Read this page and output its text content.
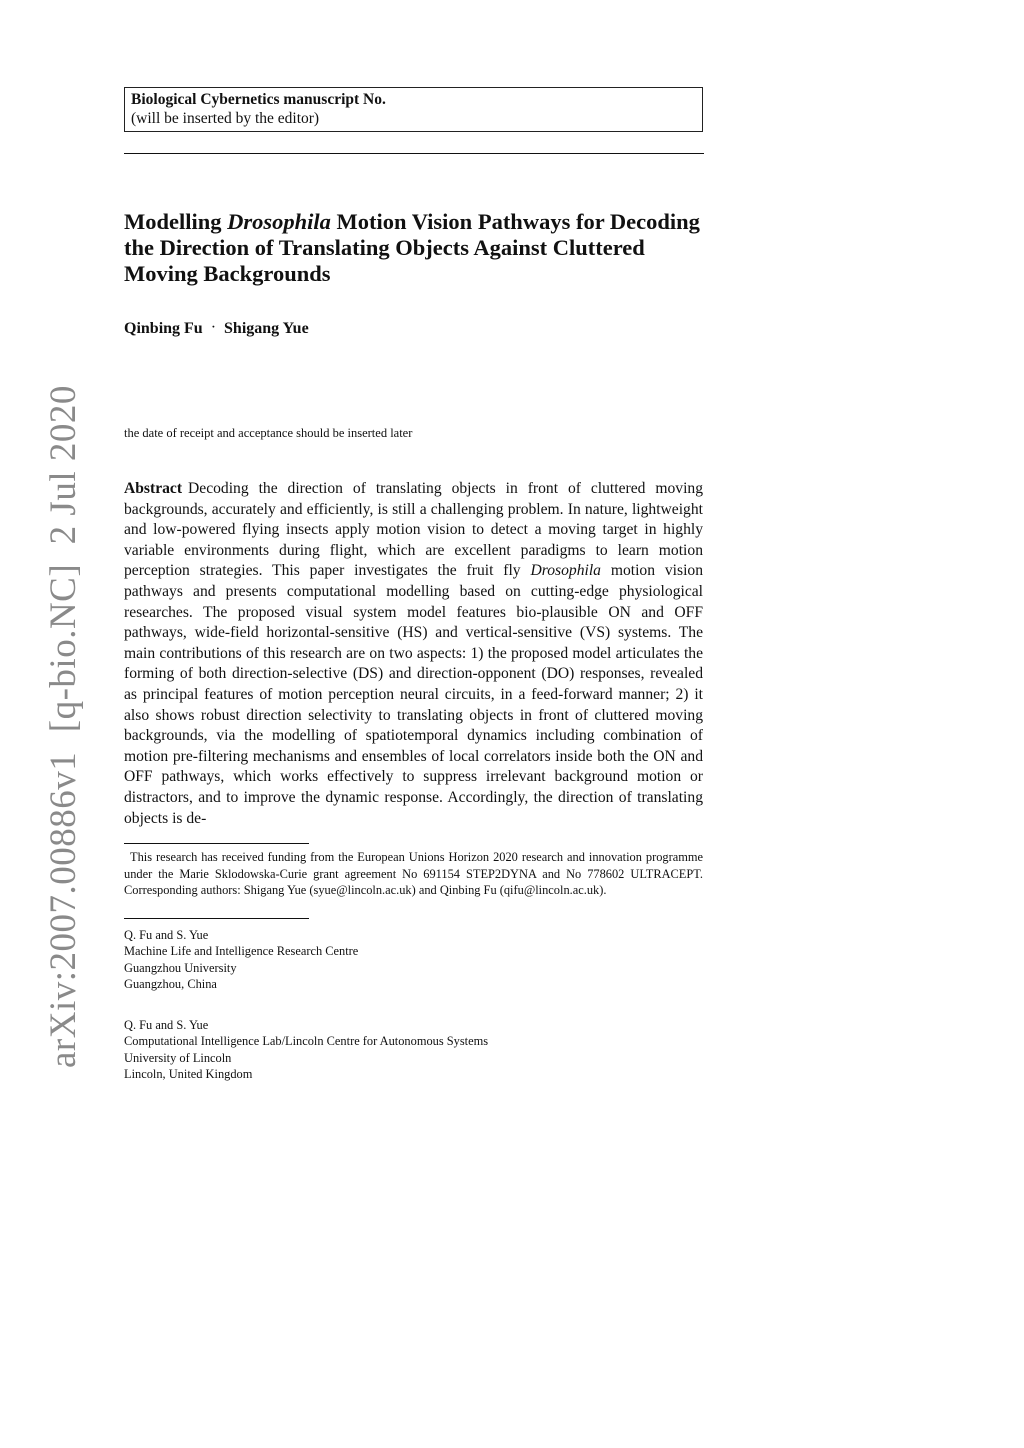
Biological Cybernetics manuscript No.
(will be inserted by the editor)
Modelling Drosophila Motion Vision Pathways for Decoding the Direction of Translating Objects Against Cluttered Moving Backgrounds
Qinbing Fu · Shigang Yue
the date of receipt and acceptance should be inserted later

Abstract Decoding the direction of translating objects in front of cluttered moving backgrounds, accurately and efficiently, is still a challenging problem. In nature, lightweight and low-powered flying insects apply motion vision to detect a moving target in highly variable environments during flight, which are excellent paradigms to learn motion perception strategies. This paper investigates the fruit fly Drosophila motion vision pathways and presents computational modelling based on cutting-edge physiological researches. The proposed visual system model features bio-plausible ON and OFF pathways, wide-field horizontal-sensitive (HS) and vertical-sensitive (VS) systems. The main contributions of this research are on two aspects: 1) the proposed model articulates the forming of both direction-selective (DS) and direction-opponent (DO) responses, revealed as principal features of motion perception neural circuits, in a feed-forward manner; 2) it also shows robust direction selectivity to translating objects in front of cluttered moving backgrounds, via the modelling of spatiotemporal dynamics including combination of motion pre-filtering mechanisms and ensembles of local correlators inside both the ON and OFF pathways, which works effectively to suppress irrelevant background motion or distractors, and to improve the dynamic response. Accordingly, the direction of translating objects is de-

This research has received funding from the European Unions Horizon 2020 research and innovation programme under the Marie Sklodowska-Curie grant agreement No 691154 STEP2DYNA and No 778602 ULTRACEPT. Corresponding authors: Shigang Yue (syue@lincoln.ac.uk) and Qinbing Fu (qifu@lincoln.ac.uk).

Q. Fu and S. Yue
Machine Life and Intelligence Research Centre
Guangzhou University
Guangzhou, China
Q. Fu and S. Yue
Computational Intelligence Lab/Lincoln Centre for Autonomous Systems
University of Lincoln
Lincoln, United Kingdom
arXiv:2007.00886v1  [q-bio.NC]  2 Jul 2020
